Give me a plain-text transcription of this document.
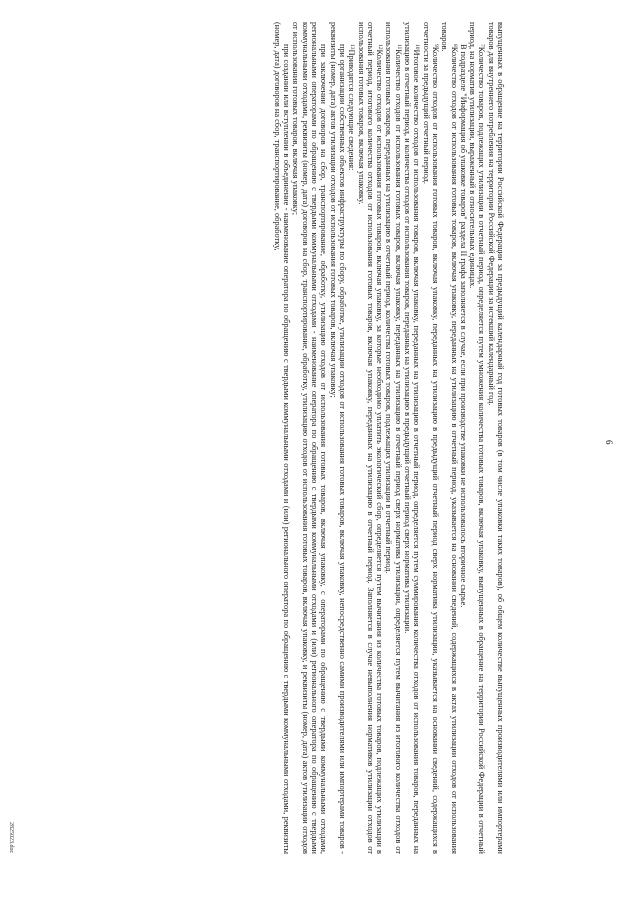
выпущенных в обращение на территории Российской Федерации за предыдущий календарный год готовых товаров (в том числе упаковки таких товаров), об общем количестве выпущенных производителями или импортерами товаров для внутреннего потребления на территории Российской Федерации за истекший календарный год.

$^7$Количество товаров, подлежащих утилизации в отчетный период, определяется путем умножения количества готовых товаров, включая упаковку, выпущенных в обращение на территории Российской Федерации в отчетный период, на норматив утилизации, выраженный в относительных единицах.

В подразделе "Информация об упаковке товаров" раздела II графа заполняется в случае, если при производстве упаковки не использовалось вторичное сырье.

$^8$Количество отходов от использования готовых товаров, включая упаковку, переданных на утилизацию в отчетный период, указывается на основании сведений, содержащихся в актах утилизации отходов от использования товаров.

$^9$Количество отходов от использования готовых товаров, включая упаковку, переданных на утилизацию в предыдущий отчетный период сверх норматива утилизации, указывается на основании сведений, содержащихся в отчетности за предыдущий отчетный период.

$^{10}$Итоговое количество отходов от использования товаров, включая упаковку, переданных на утилизацию в отчетный период, определяется путем суммирования количества отходов от использования товаров, переданных на утилизацию в отчетный период, и количества отходов от использования товаров, переданных на утилизацию в предыдущий отчетный период сверх норматива утилизации.

$^{11}$Количество отходов от использования готовых товаров, включая упаковку, переданных на утилизацию в отчетный период сверх норматива утилизации, определяется путем вычитания из итогового количества отходов от использования готовых товаров, переданных на утилизацию в отчетный период, количества готовых товаров, подлежащих утилизации в отчетный период.

$^{12}$Количество отходов от использования готовых товаров, включая упаковку, за которые необходимо уплатить экологический сбор, определяется путем вычитания из количества готовых товаров, подлежащих утилизации в отчетный период, итогового количества отходов от использования готовых товаров, включая упаковку, переданных на утилизацию в отчетный период. Заполняется в случае невыполнения нормативов утилизации отходов от использования готовых товаров, включая упаковку.

$^{13}$Приводятся следующие сведения:

при организации собственных объектов инфраструктуры по сбору, обработке, утилизации отходов от использования готовых товаров, включая упаковку, непосредственно самими производителями или импортерами товаров - реквизиты (номер, дата) актов утилизации отходов от использования готовых товаров, включая упаковку;

при заключении договоров на сбор, транспортирование, обработку, утилизацию отходов от использования готовых товаров, включая упаковку, с операторами по обращению с твердыми коммунальными отходами, региональными операторами по обращению с твердыми коммунальными отходами - наименование оператора по обращению с твердыми коммунальными отходами и (или) регионального оператора по обращению с твердыми коммунальными отходами, реквизиты (номер, дата) договоров на сбор, транспортирование, обработку, утилизацию отходов от использования готовых товаров, включая упаковку, и реквизиты (номер, дата) актов утилизации отходов от использования готовых товаров, включая упаковку;

при создании или вступлении в объединение - наименование оператора по обращению с твердыми коммунальными отходами и (или) регионального оператора по обращению с твердыми коммунальными отходами, реквизиты (номер, дата) договоров на сбор, транспортирование, обработку,

6
2825023.doc
